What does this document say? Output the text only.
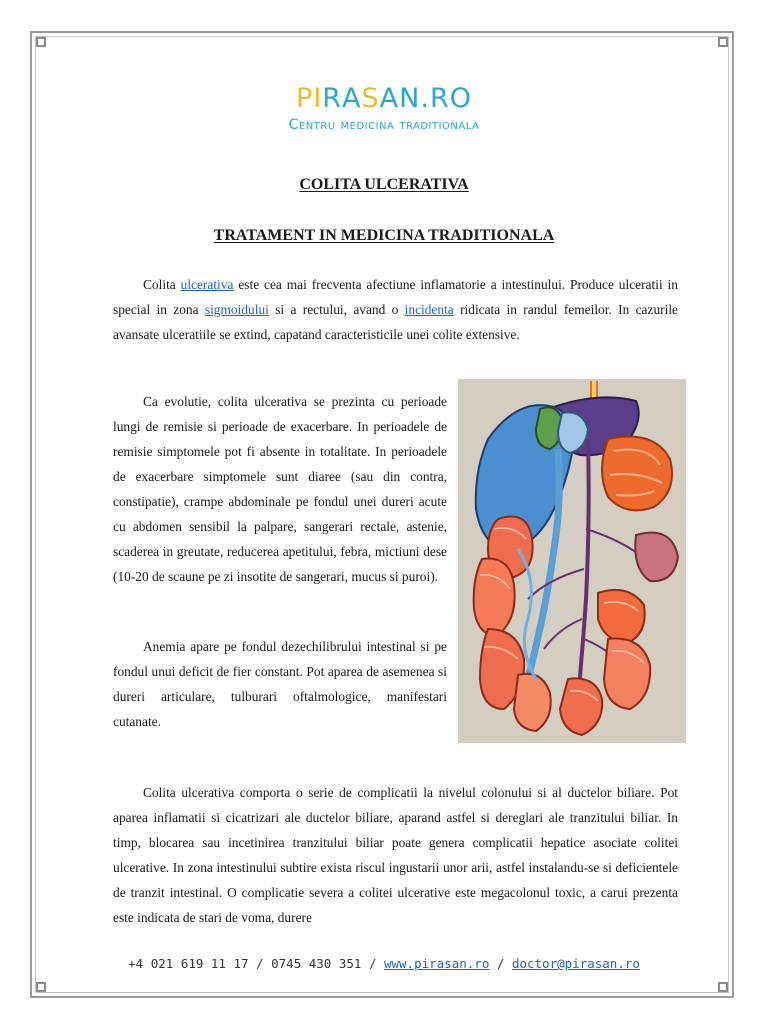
PIRASAN.RO
Centru medicina traditionala
COLITA ULCERATIVA
TRATAMENT IN MEDICINA TRADITIONALA

Colita ulcerativa este cea mai frecventa afectiune inflamatorie a intestinului. Produce ulceratii in special in zona sigmoidului si a rectului, avand o incidenta ridicata in randul femeilor. In cazurile avansate ulceratiile se extind, capatand caracteristicile unei colite extensive.

Ca evolutie, colita ulcerativa se prezinta cu perioade lungi de remisie si perioade de exacerbare. In perioadele de remisie simptomele pot fi absente in totalitate. In perioadele de exacerbare simptomele sunt diaree (sau din contra, constipatie), crampe abdominale pe fondul unei dureri acute cu abdomen sensibil la palpare, sangerari rectale, astenie, scaderea in greutate, reducerea apetitului, febra, mictiuni dese (10-20 de scaune pe zi insotite de sangerari, mucus si puroi).

Anemia apare pe fondul dezechilibrului intestinal si pe fondul unui deficit de fier constant. Pot aparea de asemenea si dureri articulare, tulburari oftalmologice, manifestari cutanate.

Colita ulcerativa comporta o serie de complicatii la nivelul colonului si al ductelor biliare. Pot aparea inflamatii si cicatrizari ale ductelor biliare, aparand astfel si dereglari ale tranzitului biliar. In timp, blocarea sau incetinirea tranzitului biliar poate genera complicatii hepatice asociate colitei ulcerative. In zona intestinului subtire exista riscul ingustarii unor arii, astfel instalandu-se si deficientele de tranzit intestinal. O complicatie severa a colitei ulcerative este megacolonul toxic, a carui prezenta este indicata de stari de voma, durere

+4 021 619 11 17 / 0745 430 351 / www.pirasan.ro / doctor@pirasan.ro
